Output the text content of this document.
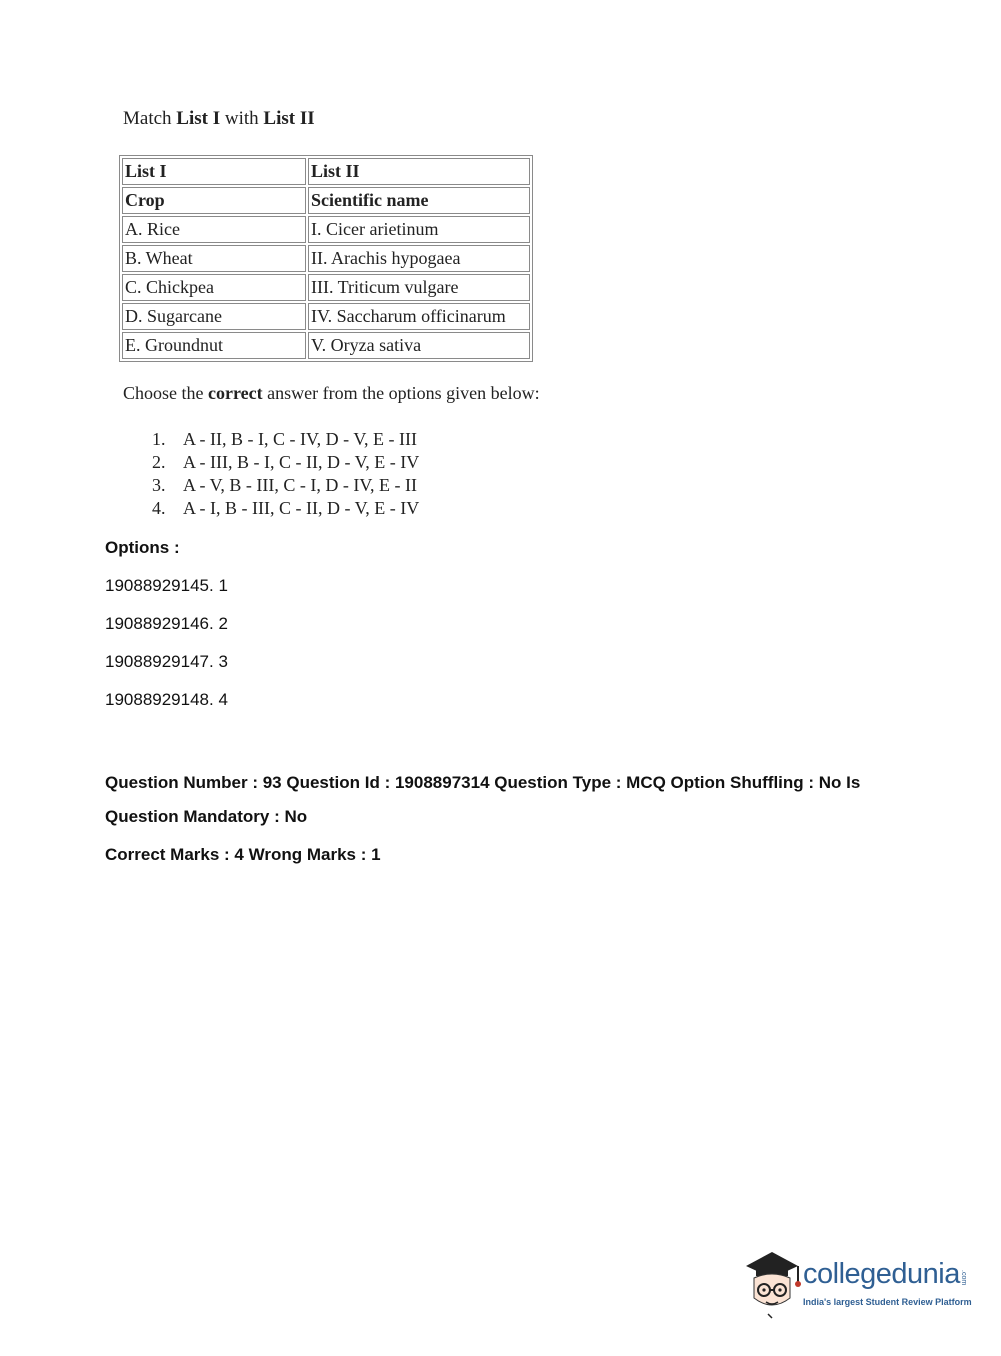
Match List I with List II
List I	List II
Crop	Scientific name
A. Rice	I. Cicer arietinum
B. Wheat	II. Arachis hypogaea
C. Chickpea	III. Triticum vulgare
D. Sugarcane	IV. Saccharum officinarum
E. Groundnut	V. Oryza sativa
Choose the correct answer from the options given below:
1. A - II, B - I, C - IV, D - V, E - III
2. A - III, B - I, C - II, D - V, E - IV
3. A - V, B - III, C - I, D - IV, E - II
4. A - I, B - III, C - II, D - V, E - IV
Options :
19088929145. 1
19088929146. 2
19088929147. 3
19088929148. 4
Question Number : 93 Question Id : 1908897314 Question Type : MCQ Option Shuffling : No Is
Question Mandatory : No
Correct Marks : 4 Wrong Marks : 1
collegedunia .com
India's largest Student Review Platform
